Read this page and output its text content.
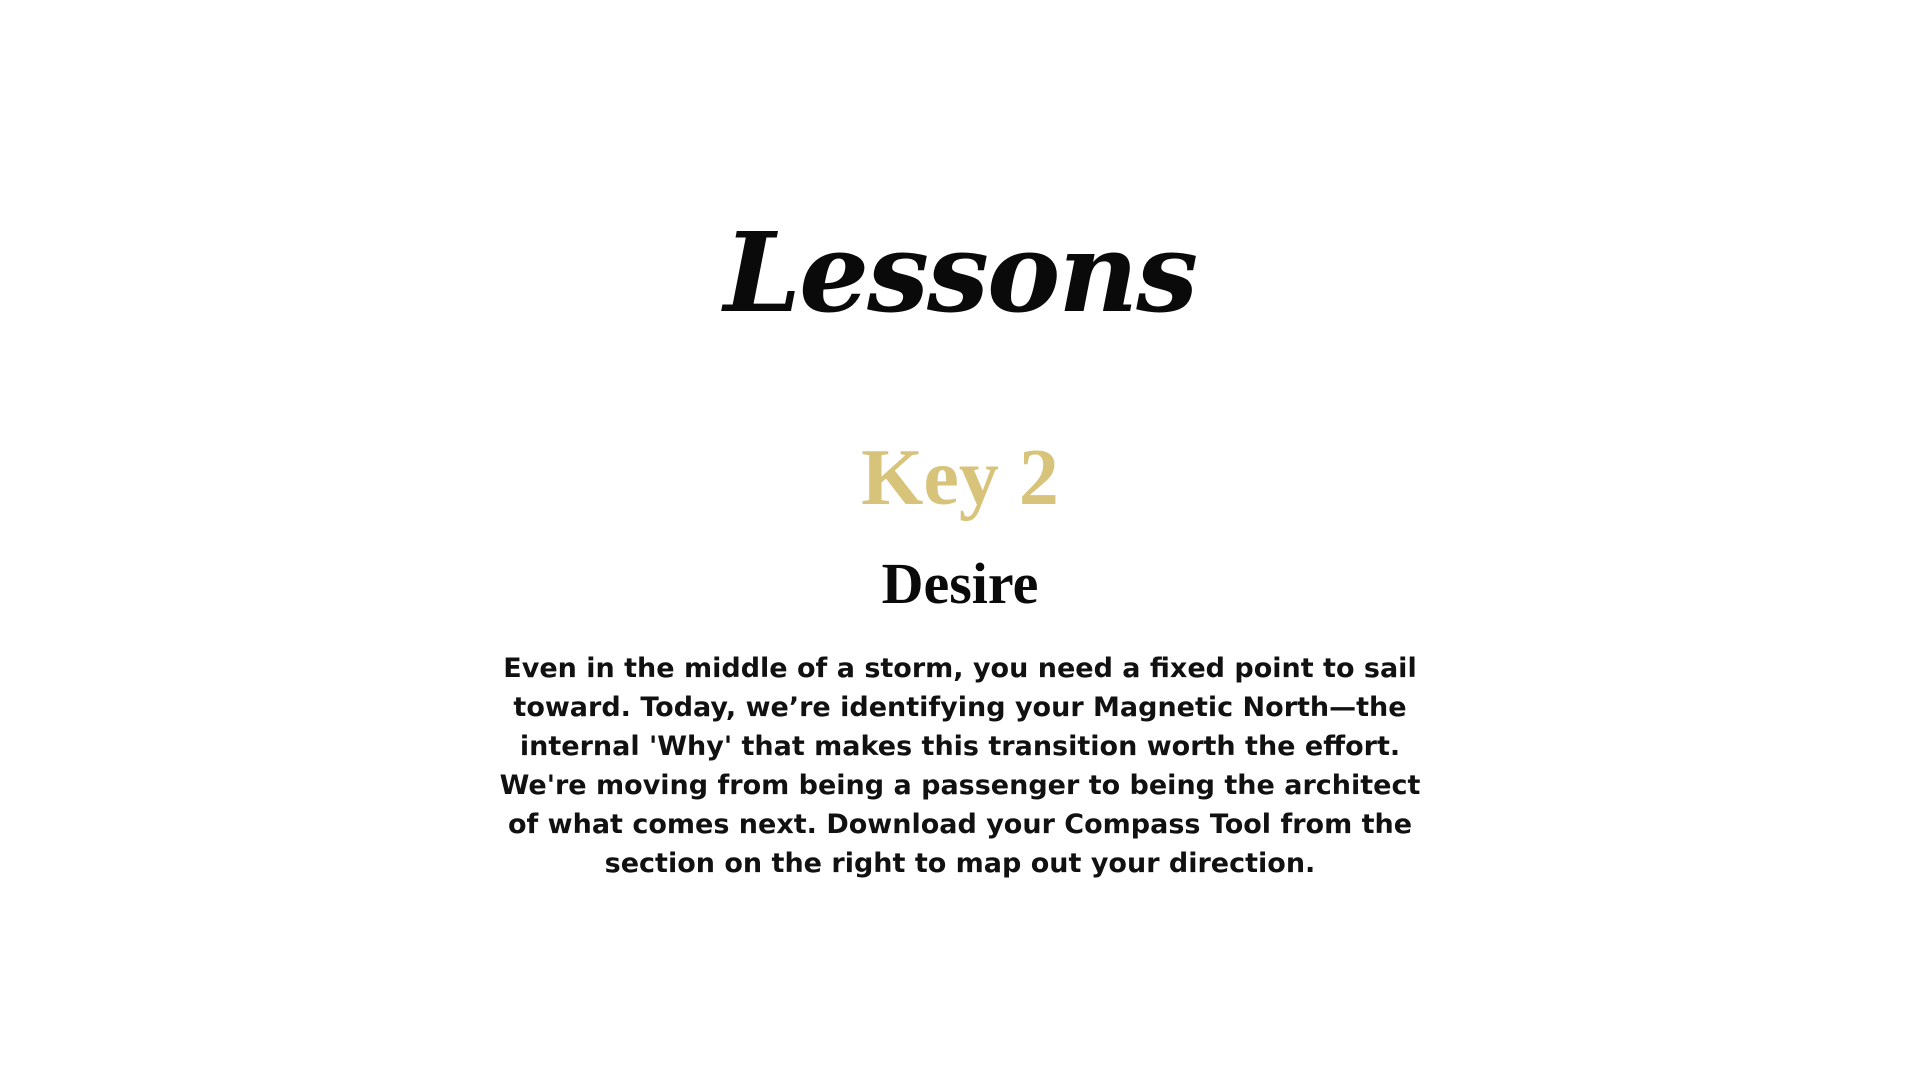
Lessons
Key 2
Desire
Even in the middle of a storm, you need a fixed point to sail toward. Today, we’re identifying your Magnetic North—the internal 'Why' that makes this transition worth the effort. We're moving from being a passenger to being the architect of what comes next. Download your Compass Tool from the section on the right to map out your direction.
